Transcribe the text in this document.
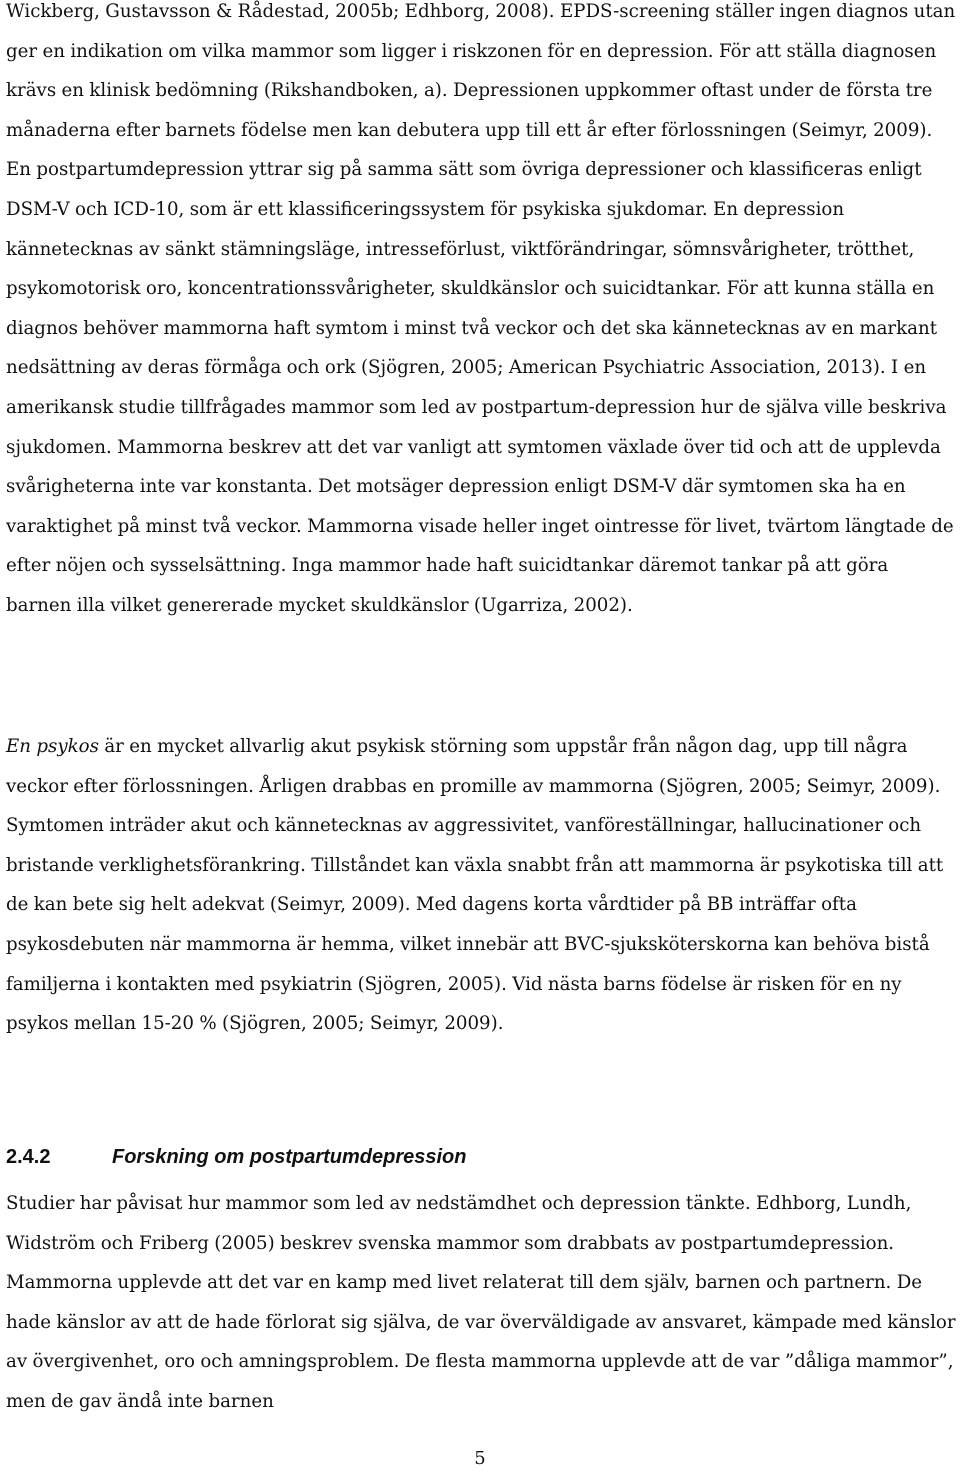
Wickberg, Gustavsson & Rådestad, 2005b; Edhborg, 2008). EPDS-screening ställer ingen diagnos utan ger en indikation om vilka mammor som ligger i riskzonen för en depression. För att ställa diagnosen krävs en klinisk bedömning (Rikshandboken, a). Depressionen uppkommer oftast under de första tre månaderna efter barnets födelse men kan debutera upp till ett år efter förlossningen (Seimyr, 2009). En postpartumdepression yttrar sig på samma sätt som övriga depressioner och klassificeras enligt DSM-V och ICD-10, som är ett klassificeringssystem för psykiska sjukdomar. En depression kännetecknas av sänkt stämningsläge, intresseförlust, viktförändringar, sömnsvårigheter, trötthet, psykomotorisk oro, koncentrationssvårigheter, skuldkänslor och suicidtankar. För att kunna ställa en diagnos behöver mammorna haft symtom i minst två veckor och det ska kännetecknas av en markant nedsättning av deras förmåga och ork (Sjögren, 2005; American Psychiatric Association, 2013). I en amerikansk studie tillfrågades mammor som led av postpartum-depression hur de själva ville beskriva sjukdomen. Mammorna beskrev att det var vanligt att symtomen växlade över tid och att de upplevda svårigheterna inte var konstanta. Det motsäger depression enligt DSM-V där symtomen ska ha en varaktighet på minst två veckor. Mammorna visade heller inget ointresse för livet, tvärtom längtade de efter nöjen och sysselsättning. Inga mammor hade haft suicidtankar däremot tankar på att göra barnen illa vilket genererade mycket skuldkänslor (Ugarriza, 2002).

En psykos är en mycket allvarlig akut psykisk störning som uppstår från någon dag, upp till några veckor efter förlossningen. Årligen drabbas en promille av mammorna (Sjögren, 2005; Seimyr, 2009). Symtomen inträder akut och kännetecknas av aggressivitet, vanföreställningar, hallucinationer och bristande verklighetsförankring. Tillståndet kan växla snabbt från att mammorna är psykotiska till att de kan bete sig helt adekvat (Seimyr, 2009). Med dagens korta vårdtider på BB inträffar ofta psykosdebuten när mammorna är hemma, vilket innebär att BVC-sjuksköterskorna kan behöva bistå familjerna i kontakten med psykiatrin (Sjögren, 2005). Vid nästa barns födelse är risken för en ny psykos mellan 15-20 % (Sjögren, 2005; Seimyr, 2009).

2.4.2	Forskning om postpartumdepression

Studier har påvisat hur mammor som led av nedstämdhet och depression tänkte. Edhborg, Lundh, Widström och Friberg (2005) beskrev svenska mammor som drabbats av postpartumdepression. Mammorna upplevde att det var en kamp med livet relaterat till dem själv, barnen och partnern. De hade känslor av att de hade förlorat sig själva, de var överväldigade av ansvaret, kämpade med känslor av övergivenhet, oro och amningsproblem. De flesta mammorna upplevde att de var ”dåliga mammor”, men de gav ändå inte barnen

5
